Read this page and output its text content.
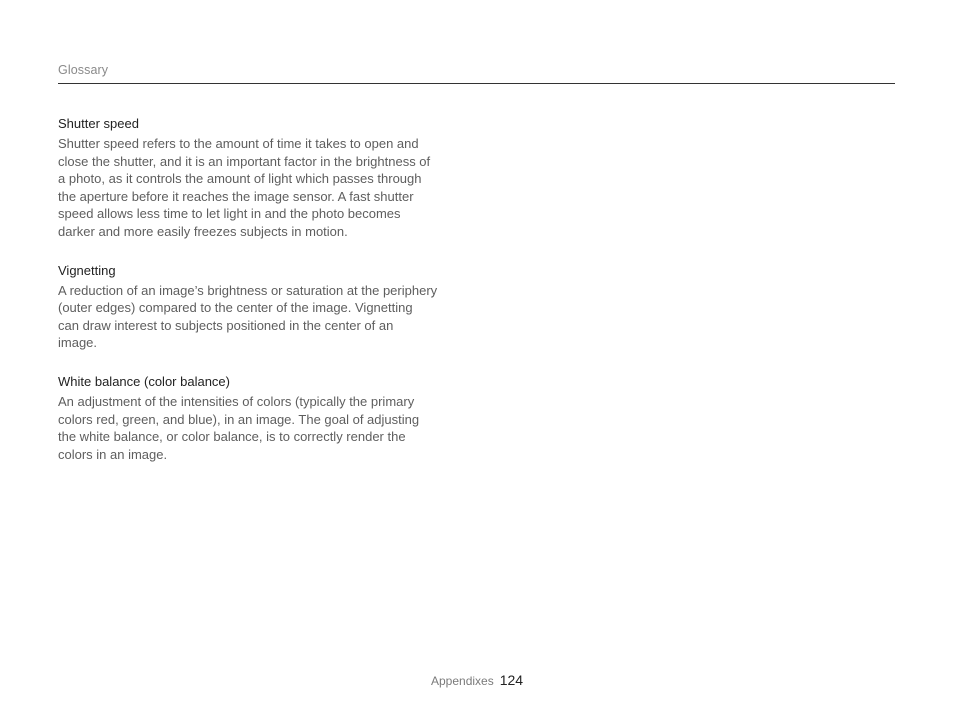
Glossary
Shutter speed

Shutter speed refers to the amount of time it takes to open and
close the shutter, and it is an important factor in the brightness of
a photo, as it controls the amount of light which passes through
the aperture before it reaches the image sensor. A fast shutter
speed allows less time to let light in and the photo becomes
darker and more easily freezes subjects in motion.

Vignetting

A reduction of an image’s brightness or saturation at the periphery
(outer edges) compared to the center of the image. Vignetting
can draw interest to subjects positioned in the center of an
image.

White balance (color balance)

An adjustment of the intensities of colors (typically the primary
colors red, green, and blue), in an image. The goal of adjusting
the white balance, or color balance, is to correctly render the
colors in an image.

Appendixes 124
